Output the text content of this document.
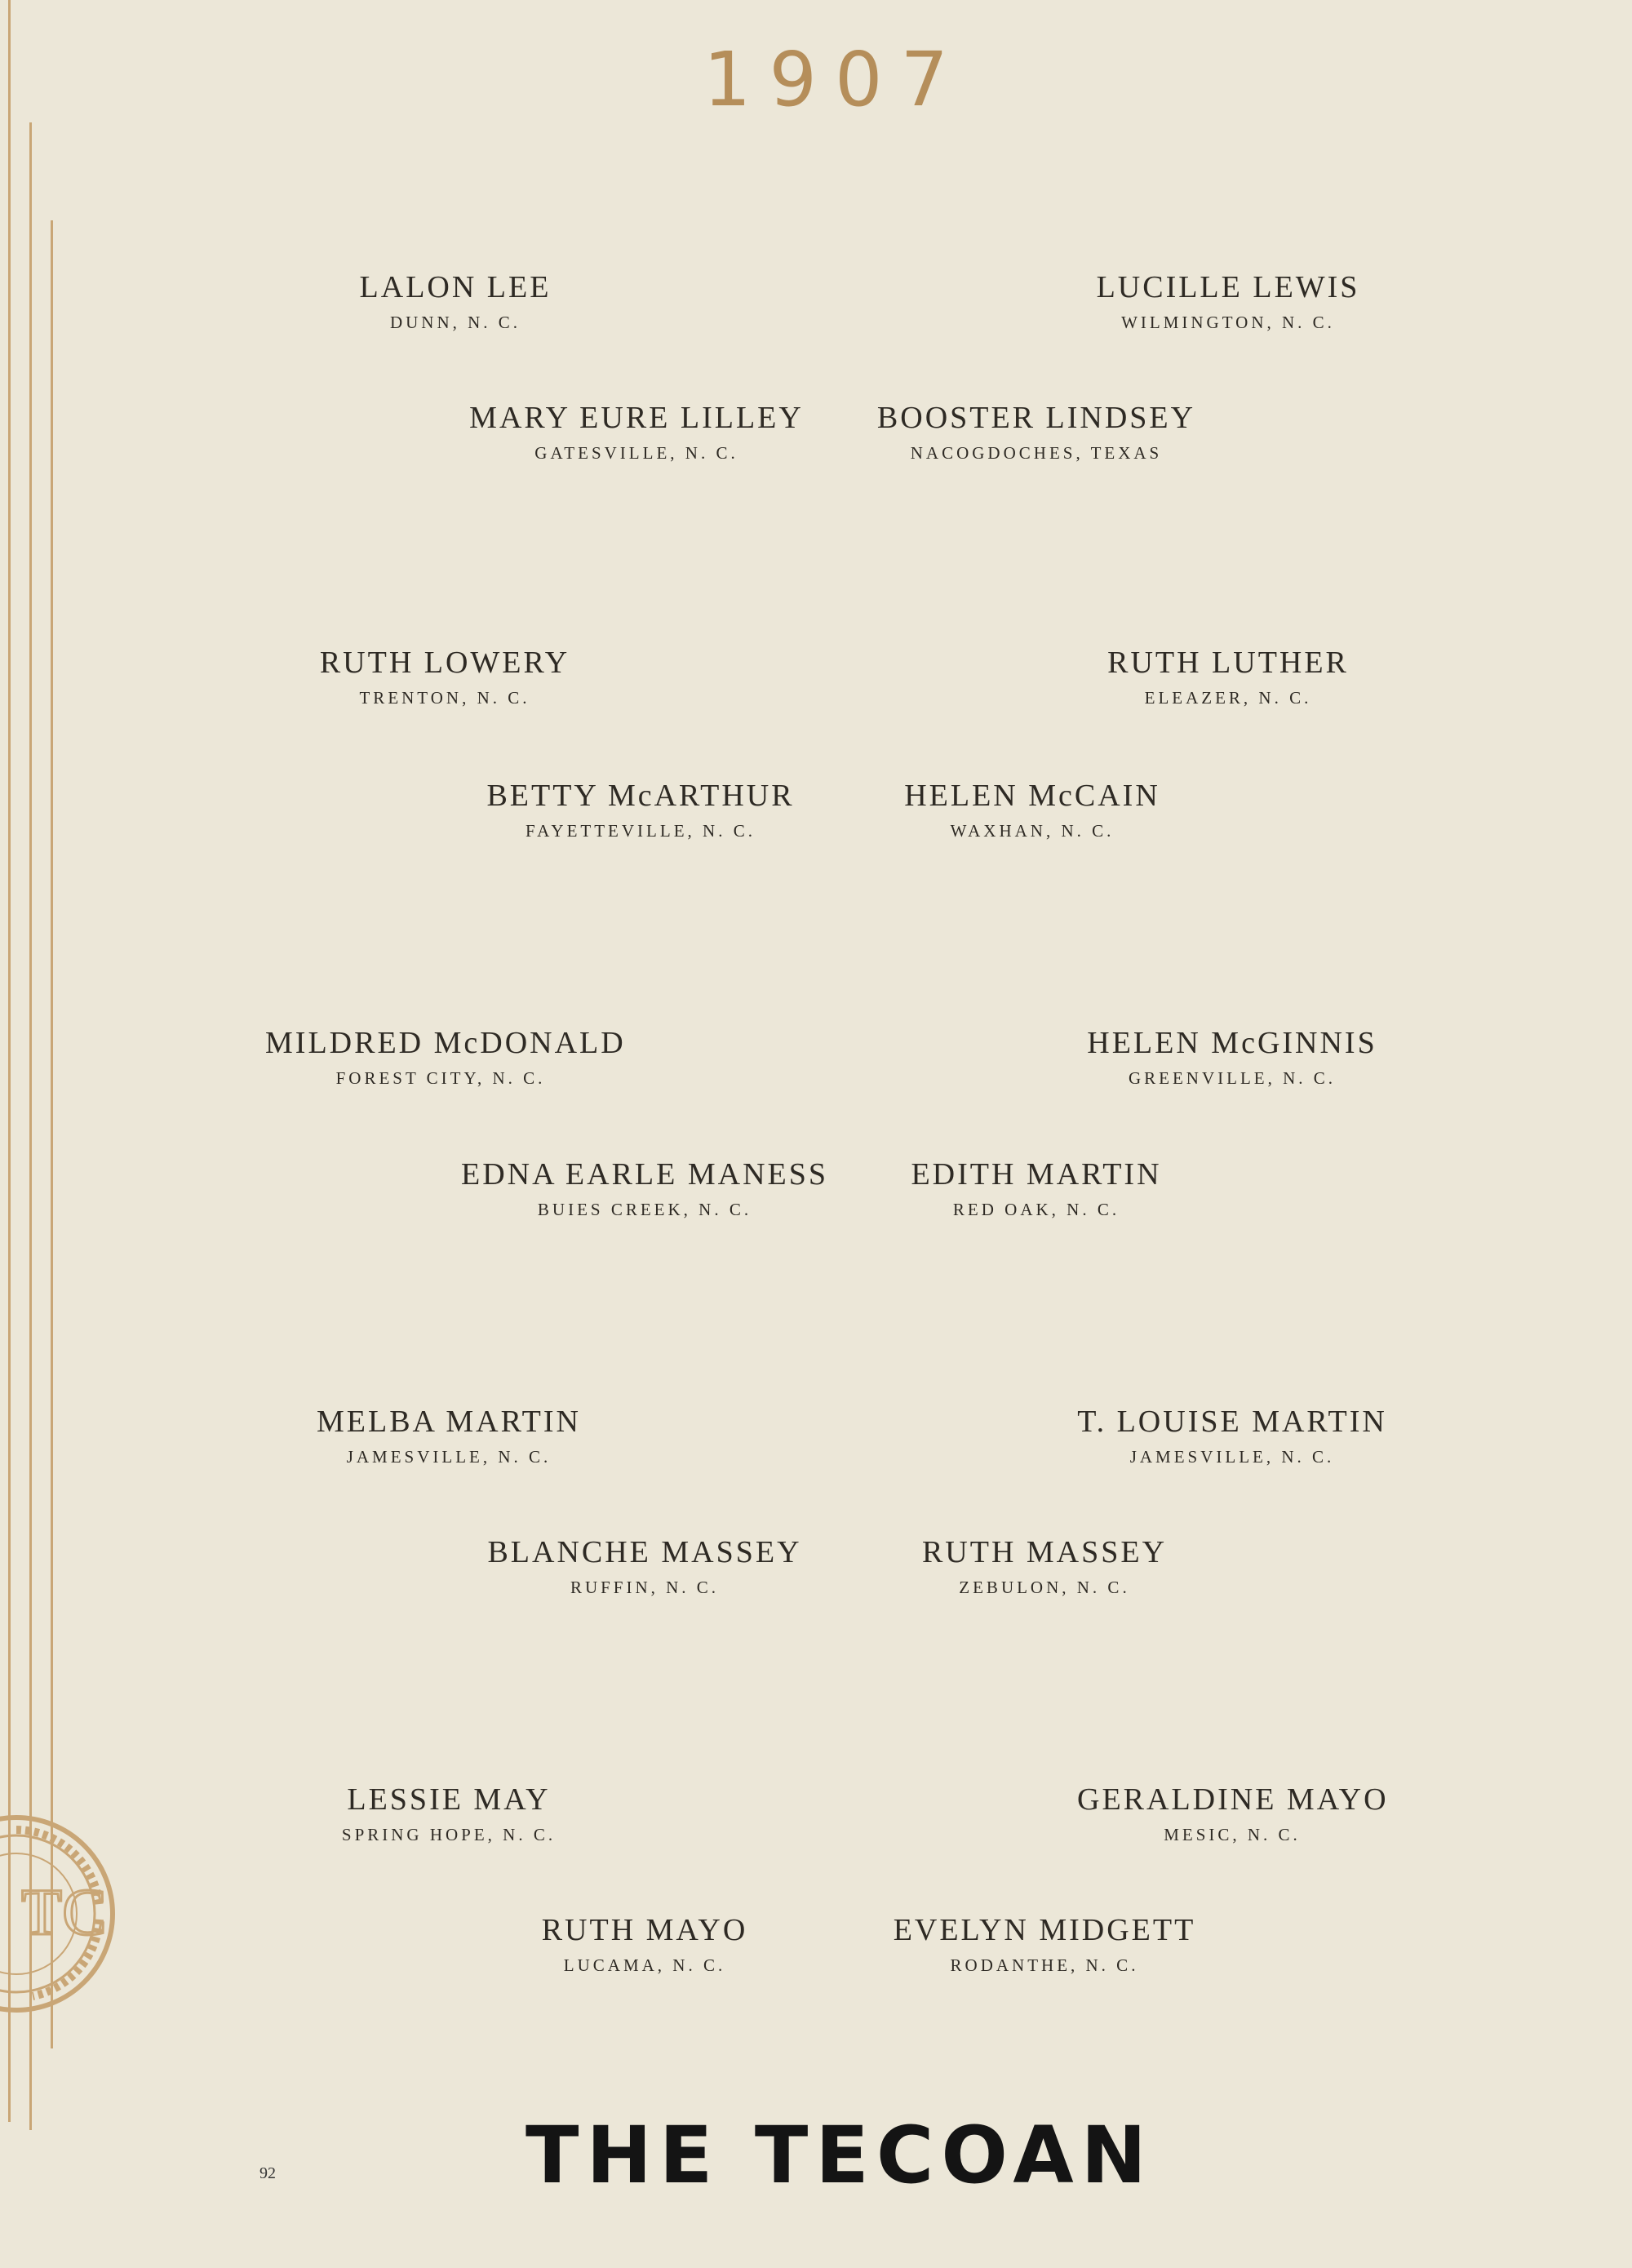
TC
1907
LALON LEE
DUNN, N. C.
LUCILLE LEWIS
WILMINGTON, N. C.
MARY EURE LILLEY
GATESVILLE, N. C.
BOOSTER LINDSEY
NACOGDOCHES, TEXAS
RUTH LOWERY
TRENTON, N. C.
RUTH LUTHER
ELEAZER, N. C.
BETTY McARTHUR
FAYETTEVILLE, N. C.
HELEN McCAIN
WAXHAN, N. C.
MILDRED McDONALD
FOREST CITY, N. C.
HELEN McGINNIS
GREENVILLE, N. C.
EDNA EARLE MANESS
BUIES CREEK, N. C.
EDITH MARTIN
RED OAK, N. C.
MELBA MARTIN
JAMESVILLE, N. C.
T. LOUISE MARTIN
JAMESVILLE, N. C.
BLANCHE MASSEY
RUFFIN, N. C.
RUTH MASSEY
ZEBULON, N. C.
LESSIE MAY
SPRING HOPE, N. C.
GERALDINE MAYO
MESIC, N. C.
RUTH MAYO
LUCAMA, N. C.
EVELYN MIDGETT
RODANTHE, N. C.
THE TECOAN
92
